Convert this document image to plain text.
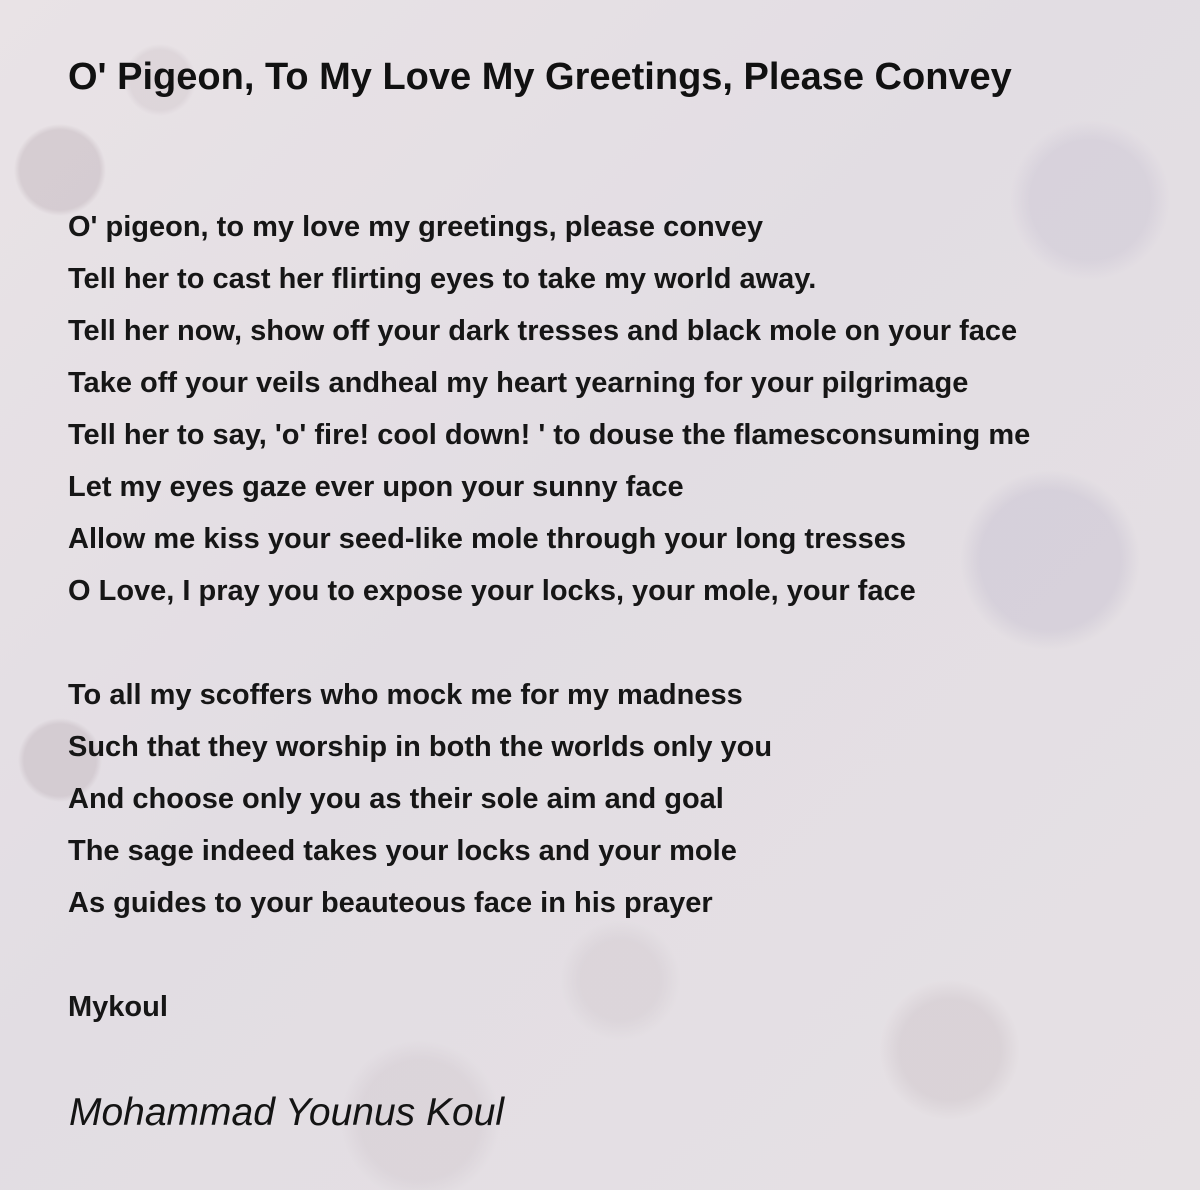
O' Pigeon, To My Love My Greetings, Please Convey
O' pigeon, to my love my greetings, please convey
Tell her to cast her flirting eyes to take my world away.
Tell her now, show off your dark tresses and black mole on your face
Take off your veils andheal my heart yearning for your pilgrimage
Tell her to say, 'o' fire! cool down! ' to douse the flamesconsuming me
Let my eyes gaze ever upon your sunny face
Allow me kiss your seed-like mole through your long tresses
O Love, I pray you to expose your locks, your mole, your face
To all my scoffers who mock me for my madness
Such that they worship in both the worlds only you
And choose only you as their sole aim and goal
The sage indeed takes your locks and your mole
As guides to your beauteous face in his prayer
Mykoul
Mohammad Younus Koul
